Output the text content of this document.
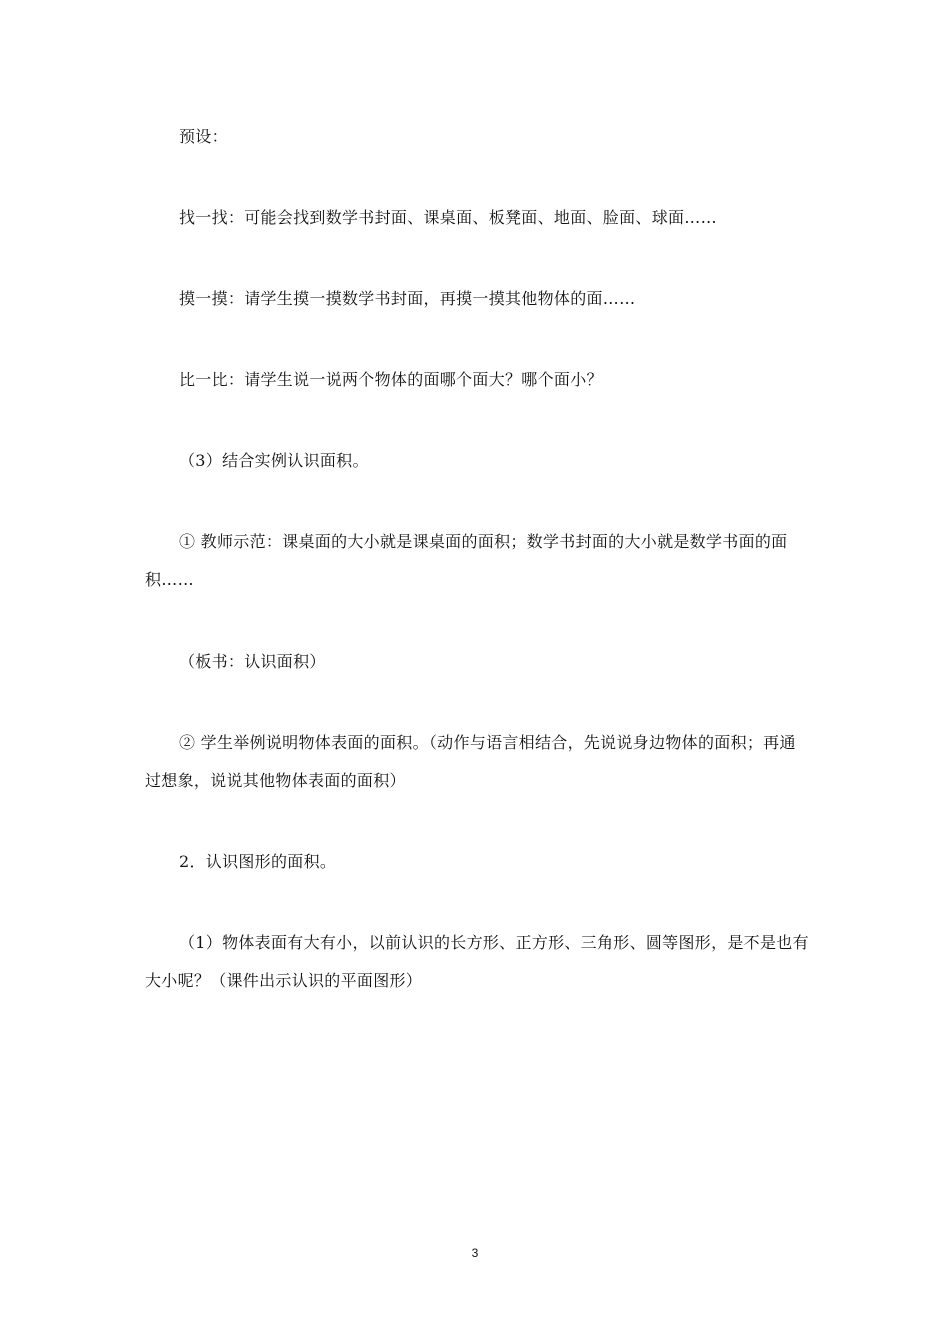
预设：
找一找：可能会找到数学书封面、课桌面、板凳面、地面、脸面、球面……
摸一摸：请学生摸一摸数学书封面，再摸一摸其他物体的面……
比一比：请学生说一说两个物体的面哪个面大？哪个面小？
（3）结合实例认识面积。
① 教师示范：课桌面的大小就是课桌面的面积；数学书封面的大小就是数学书面的面积……
（板书：认识面积）
② 学生举例说明物体表面的面积。（动作与语言相结合，先说说身边物体的面积；再通过想象，说说其他物体表面的面积）
2．认识图形的面积。
（1）物体表面有大有小，以前认识的长方形、正方形、三角形、圆等图形，是不是也有大小呢？（课件出示认识的平面图形）
3
